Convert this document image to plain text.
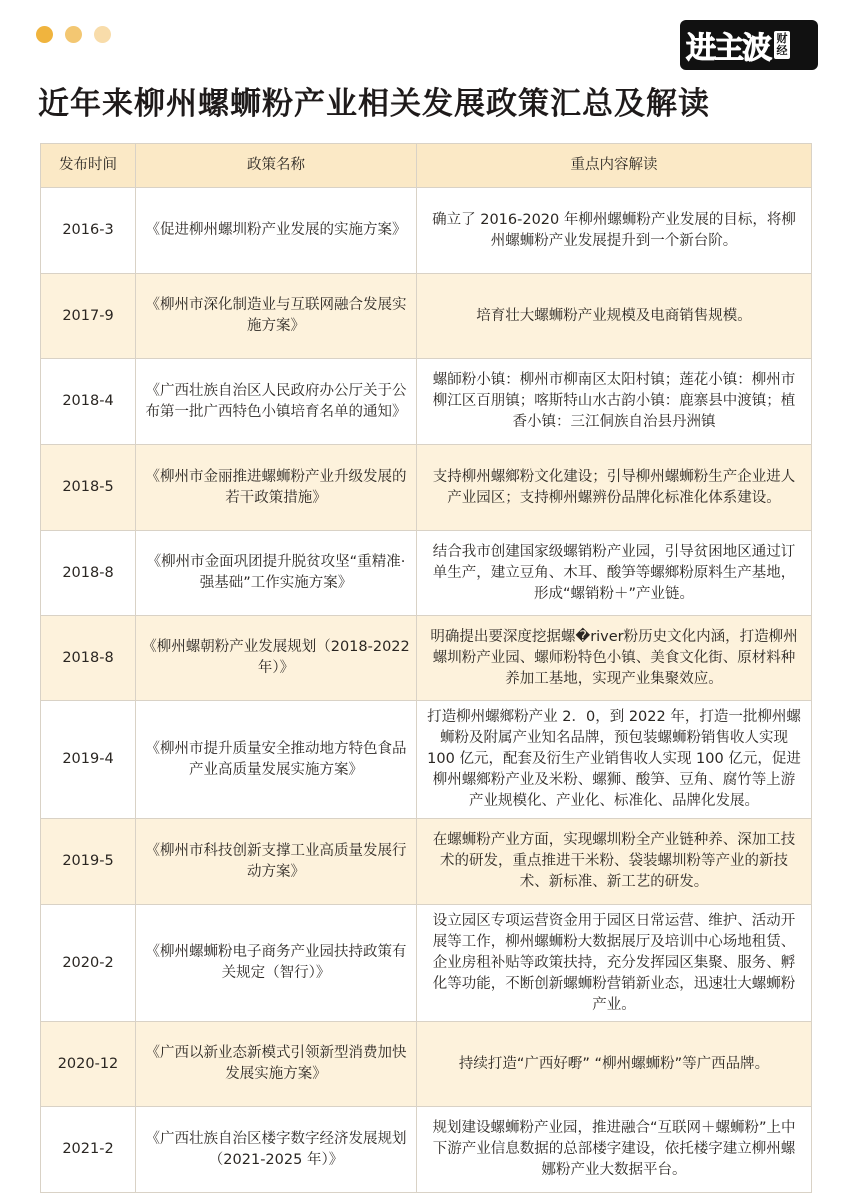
进主波 财经
近年来柳州螺蛳粉产业相关发展政策汇总及解读
发布时间	政策名称	重点内容解读
2016-3	《促进柳州螺圳粉产业发展的实施方案》	确立了 2016-2020 年柳州螺蛳粉产业发展的目标，将柳州螺蛳粉产业发展提升到一个新台阶。
2017-9	《柳州市深化制造业与互联网融合发展实施方案》	培育壮大螺蛳粉产业规模及电商销售规模。
2018-4	《广西壮族自治区人民政府办公厅关于公布第一批广西特色小镇培育名单的通知》	螺師粉小镇：柳州市柳南区太阳村镇；莲花小镇：柳州市柳江区百朋镇；喀斯特山水古韵小镇：鹿寨县中渡镇；植香小镇：三江侗族自治县丹洲镇
2018-5	《柳州市金丽推进螺蛳粉产业升级发展的若干政策措施》	支持柳州螺鄉粉文化建设；引导柳州螺蛳粉生产企业进人产业园区；支持柳州螺辨份品牌化标准化体系建设。
2018-8	《柳州市金面巩团提升脱贫攻坚“重精准·强基础”工作实施方案》	结合我市创建国家级螺销粉产业园，引导贫困地区通过订单生产，建立豆角、木耳、酸笋等螺鄉粉原料生产基地，形成“螺销粉＋”产业链。
2018-8	《柳州螺朝粉产业发展规划（2018-2022 年）》	明确提出要深度挖据螺�river粉历史文化内涵，打造柳州螺圳粉产业园、螺师粉特色小镇、美食文化街、原材料种养加工基地，实现产业集聚效应。
2019-4	《柳州市提升质量安全推动地方特色食品产业高质量发展实施方案》	打造柳州螺鄉粉产业 2．0，到 2022 年，打造一批柳州螺蛳粉及附属产业知名品牌，预包装螺蛳粉销售收人实现 100 亿元，配套及衍生产业销售收人实现 100 亿元，促进柳州螺鄉粉产业及米粉、螺狮、酸笋、豆角、腐竹等上游产业规模化、产业化、标准化、品牌化发展。
2019-5	《柳州市科技创新支撑工业高质量发展行动方案》	在螺蛳粉产业方面，实现螺圳粉全产业链种养、深加工技术的研发，重点推进干米粉、袋装螺圳粉等产业的新技术、新标准、新工艺的研发。
2020-2	《柳州螺蛳粉电子商务产业园扶持政策有关规定（智行）》	设立园区专项运营资金用于园区日常运营、维护、活动开展等工作，柳州螺蛳粉大数据展厅及培训中心场地租赁、企业房租补贴等政策扶持，充分发挥园区集聚、服务、孵化等功能，不断创新螺蛳粉营销新业态，迅速壮大螺蛳粉产业。
2020-12	《广西以新业态新模式引领新型消费加快发展实施方案》	持续打造“广西好嘢” “柳州螺蛳粉”等广西品牌。
2021-2	《广西壮族自治区楼字数字经济发展规划（2021-2025 年）》	规划建设螺蛳粉产业园，推进融合“互联网＋螺蛳粉”上中下游产业信息数据的总部楼字建设，依托楼字建立柳州螺娜粉产业大数据平台。
